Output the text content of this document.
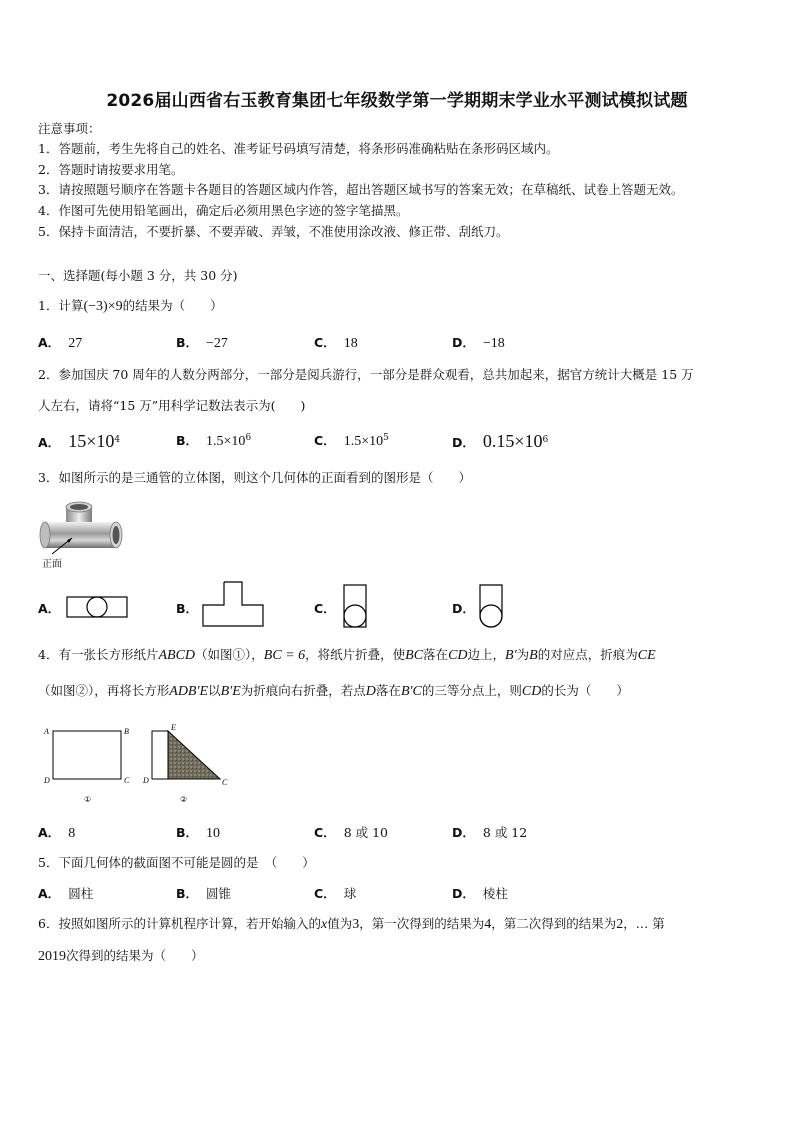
2026届山西省右玉教育集团七年级数学第一学期期末学业水平测试模拟试题
注意事项：
1．答题前，考生先将自己的姓名、准考证号码填写清楚，将条形码准确粘贴在条形码区域内。
2．答题时请按要求用笔。
3．请按照题号顺序在答题卡各题目的答题区域内作答，超出答题区域书写的答案无效；在草稿纸、试卷上答题无效。
4．作图可先使用铅笔画出，确定后必须用黑色字迹的签字笔描黑。
5．保持卡面清洁，不要折暴、不要弄破、弄皱，不准使用涂改液、修正带、刮纸刀。
一、选择题(每小题 3 分，共 30 分)
1．计算(−3)×9的结果为（　　）
A． 27	B． −27	C． 18	D． −18
2．参加国庆 70 周年的人数分两部分，一部分是阅兵游行，一部分是群众观看，总共加起来，据官方统计大概是 15 万
人左右，请将“15 万”用科学记数法表示为(　　)
A． $15\times 10^4$	B． $1.5\times 10^6$	C． $1.5\times 10^5$	D． $0.15\times 10^6$
3．如图所示的是三通管的立体图，则这个几何体的正面看到的图形是（　　）
正面
A．	B．	C．	D．
4．有一张长方形纸片ABCD（如图①），BC = 6，将纸片折叠，使BC落在CD边上，B′为B的对应点，折痕为CE
（如图②），再将长方形ADB′E以B′E为折痕向右折叠，若点D落在B′C的三等分点上，则CD的长为（　　）
A	B
D	C
①
E
D	C
②
A． 8	B． 10	C． 8 或 10	D． 8 或 12
5．下面几何体的截面图不可能是圆的是　（　　）
A． 圆柱	B． 圆锥	C． 球	D． 棱柱
6．按照如图所示的计算机程序计算，若开始输入的x值为3，第一次得到的结果为4，第二次得到的结果为2，… 第
2019次得到的结果为（　　）
